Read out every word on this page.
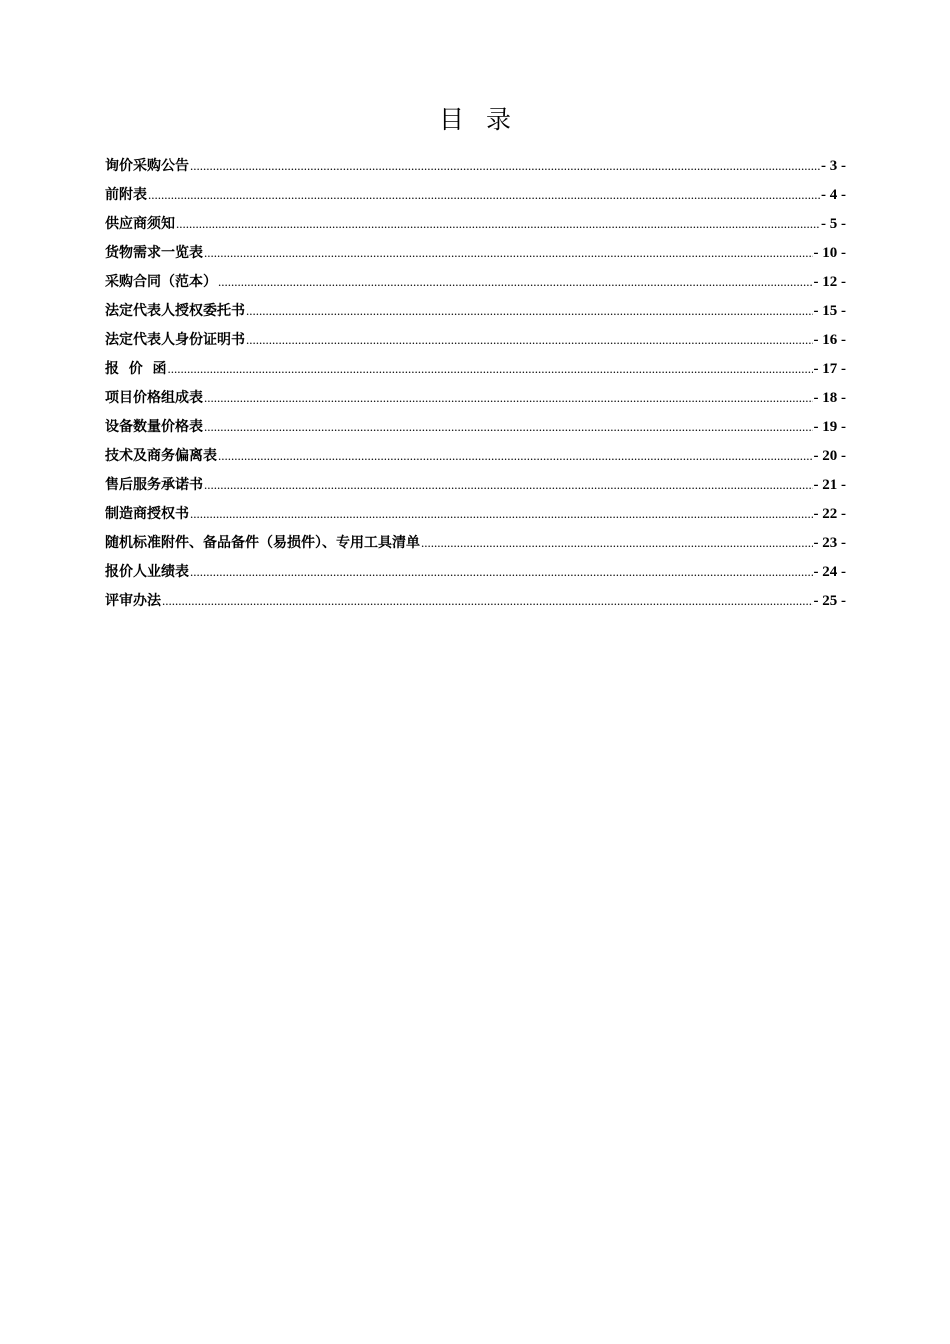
目录
询价采购公告 .....	- 3 -
前附表 .....	- 4 -
供应商须知 .....	- 5 -
货物需求一览表 .....	- 10 -
采购合同（范本） .....	- 12 -
法定代表人授权委托书 .....	- 15 -
法定代表人身份证明书 .....	- 16 -
报  价  函 .....	- 17 -
项目价格组成表 .....	- 18 -
设备数量价格表 .....	- 19 -
技术及商务偏离表 .....	- 20 -
售后服务承诺书 .....	- 21 -
制造商授权书 .....	- 22 -
随机标准附件、备品备件（易损件）、专用工具清单 .....	- 23 -
报价人业绩表 .....	- 24 -
评审办法 .....	- 25 -
